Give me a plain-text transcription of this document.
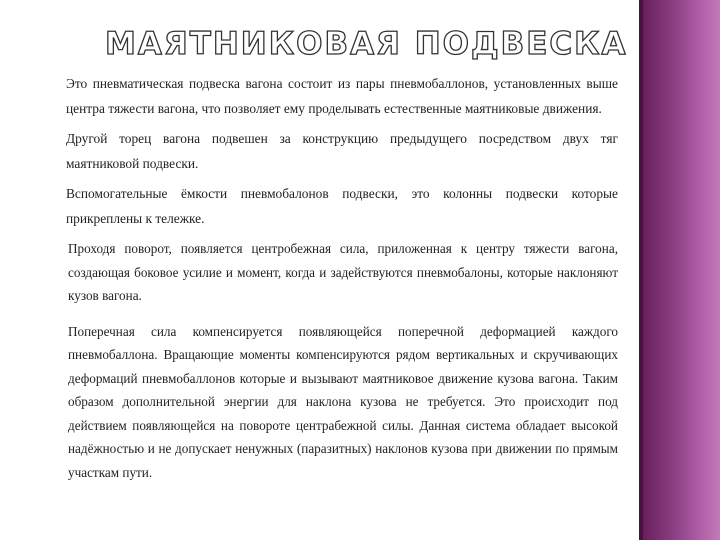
МАЯТНИКОВАЯ ПОДВЕСКА

Это пневматическая подвеска вагона состоит из пары пневмобаллонов, установленных выше центра тяжести вагона, что позволяет ему проделывать естественные маятниковые движения.

Другой торец вагона подвешен за конструкцию предыдущего посредством двух тяг маятниковой подвески.

Вспомогательные ёмкости пневмобалонов подвески, это колонны подвески которые прикреплены к тележке.

Проходя поворот, появляется центробежная сила, приложенная к центру тяжести вагона, создающая боковое усилие и момент, когда и задействуются пневмобалоны, которые наклоняют кузов вагона.

Поперечная сила компенсируется появляющейся поперечной деформацией каждого пневмобаллона. Вращающие моменты компенсируются рядом вертикальных и скручивающих деформаций пневмобаллонов которые и вызывают маятниковое движение кузова вагона. Таким образом дополнительной энергии для наклона кузова не требуется. Это происходит под действием появляющейся на повороте центрабежной силы. Данная система обладает высокой надёжностью и не допускает ненужных (паразитных) наклонов кузова при движении по прямым участкам пути.
